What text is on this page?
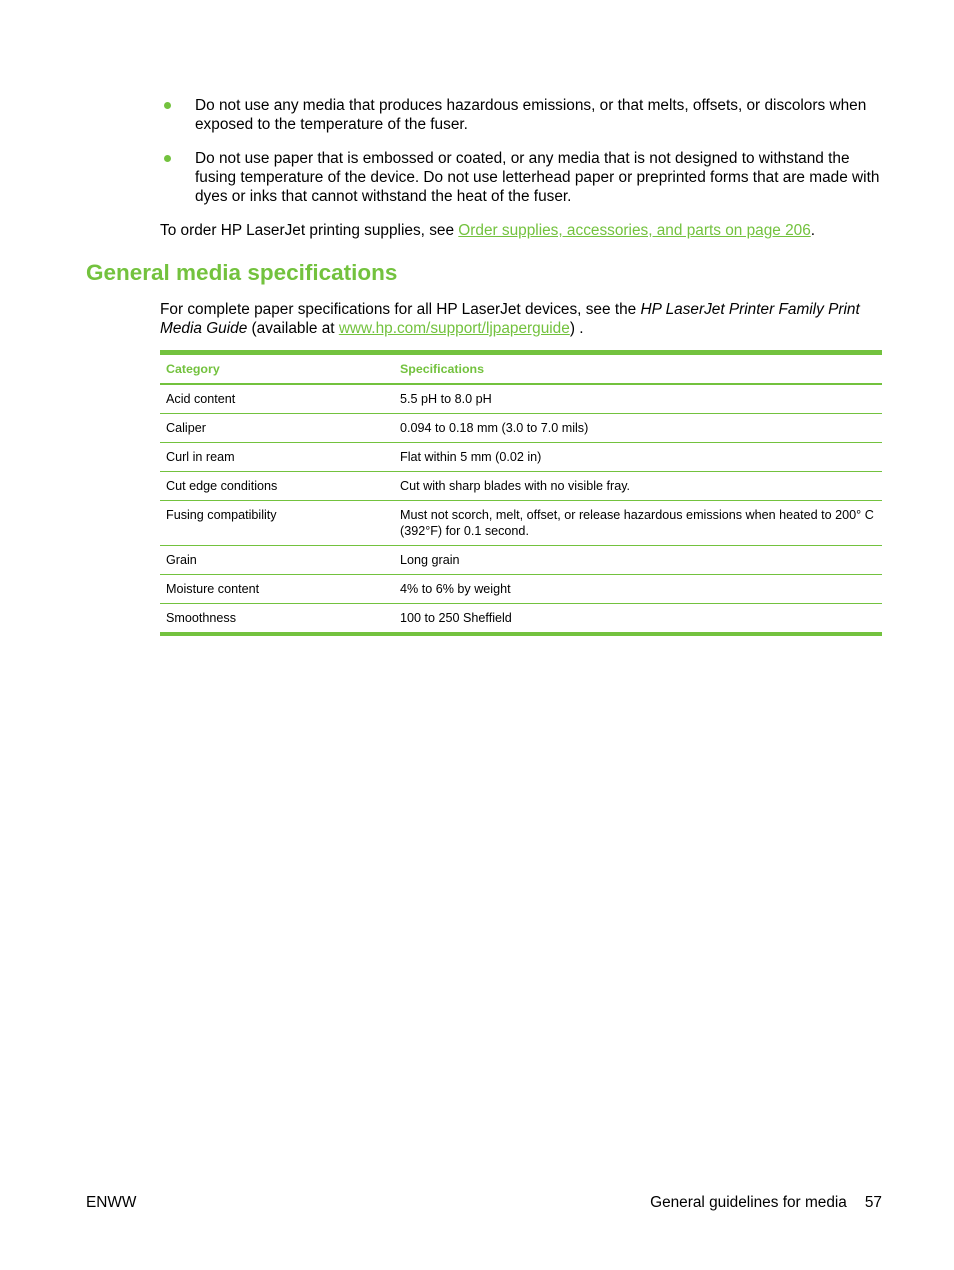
Do not use any media that produces hazardous emissions, or that melts, offsets, or discolors when exposed to the temperature of the fuser.
Do not use paper that is embossed or coated, or any media that is not designed to withstand the fusing temperature of the device. Do not use letterhead paper or preprinted forms that are made with dyes or inks that cannot withstand the heat of the fuser.

To order HP LaserJet printing supplies, see Order supplies, accessories, and parts on page 206.

General media specifications

For complete paper specifications for all HP LaserJet devices, see the HP LaserJet Printer Family Print Media Guide (available at www.hp.com/support/ljpaperguide) .

Category	Specifications
Acid content	5.5 pH to 8.0 pH
Caliper	0.094 to 0.18 mm (3.0 to 7.0 mils)
Curl in ream	Flat within 5 mm (0.02 in)
Cut edge conditions	Cut with sharp blades with no visible fray.
Fusing compatibility	Must not scorch, melt, offset, or release hazardous emissions when heated to 200° C (392°F) for 0.1 second.
Grain	Long grain
Moisture content	4% to 6% by weight
Smoothness	100 to 250 Sheffield
ENWW	General guidelines for media 57
